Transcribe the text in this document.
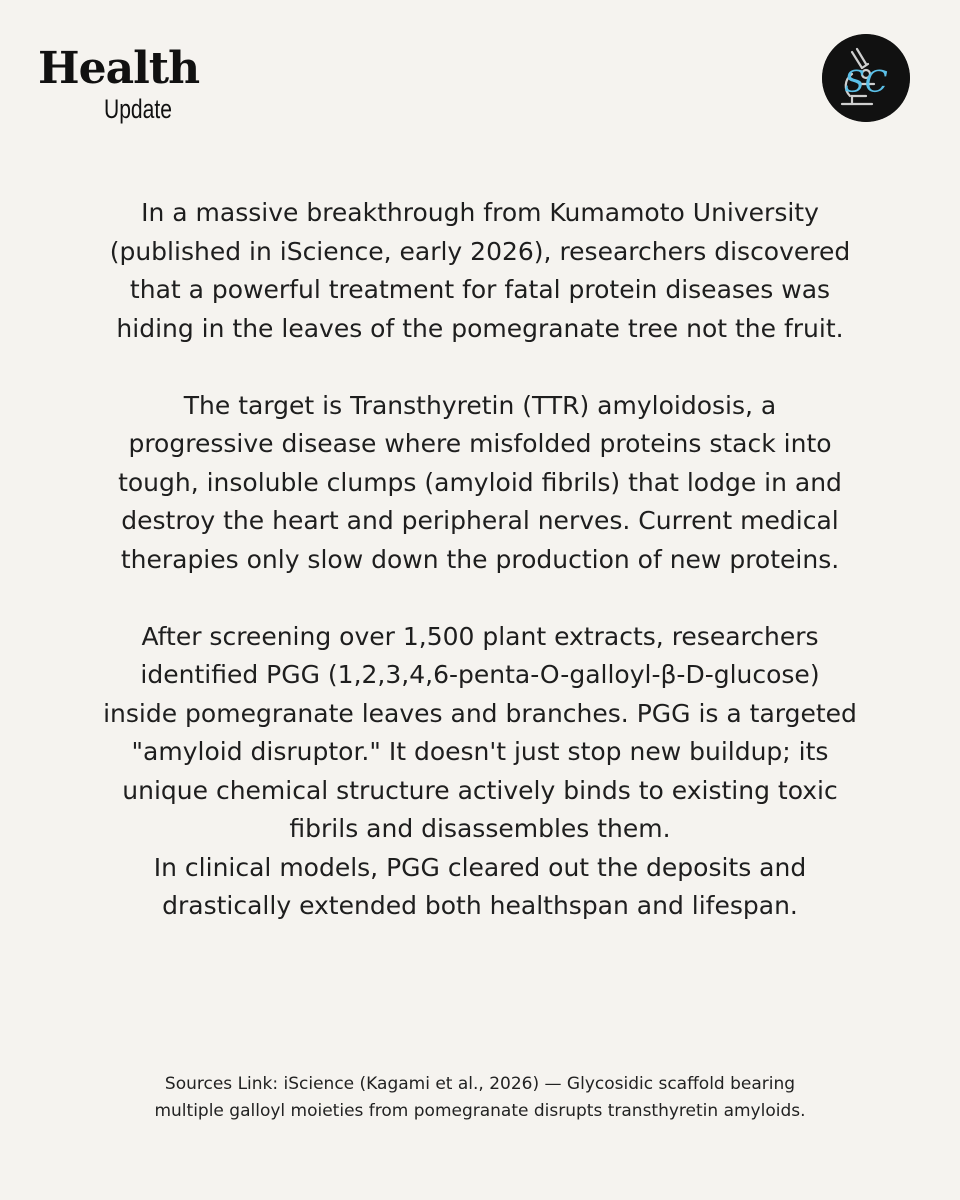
Health
Update
SC

In a massive breakthrough from Kumamoto University
(published in iScience, early 2026), researchers discovered
that a powerful treatment for fatal protein diseases was
hiding in the leaves of the pomegranate tree not the fruit.

The target is Transthyretin (TTR) amyloidosis, a
progressive disease where misfolded proteins stack into
tough, insoluble clumps (amyloid fibrils) that lodge in and
destroy the heart and peripheral nerves. Current medical
therapies only slow down the production of new proteins.

After screening over 1,500 plant extracts, researchers
identified PGG (1,2,3,4,6-penta-O-galloyl-β-D-glucose)
inside pomegranate leaves and branches. PGG is a targeted
"amyloid disruptor." It doesn't just stop new buildup; its
unique chemical structure actively binds to existing toxic
fibrils and disassembles them.
In clinical models, PGG cleared out the deposits and
drastically extended both healthspan and lifespan.

Sources Link: iScience (Kagami et al., 2026) — Glycosidic scaffold bearing
multiple galloyl moieties from pomegranate disrupts transthyretin amyloids.
